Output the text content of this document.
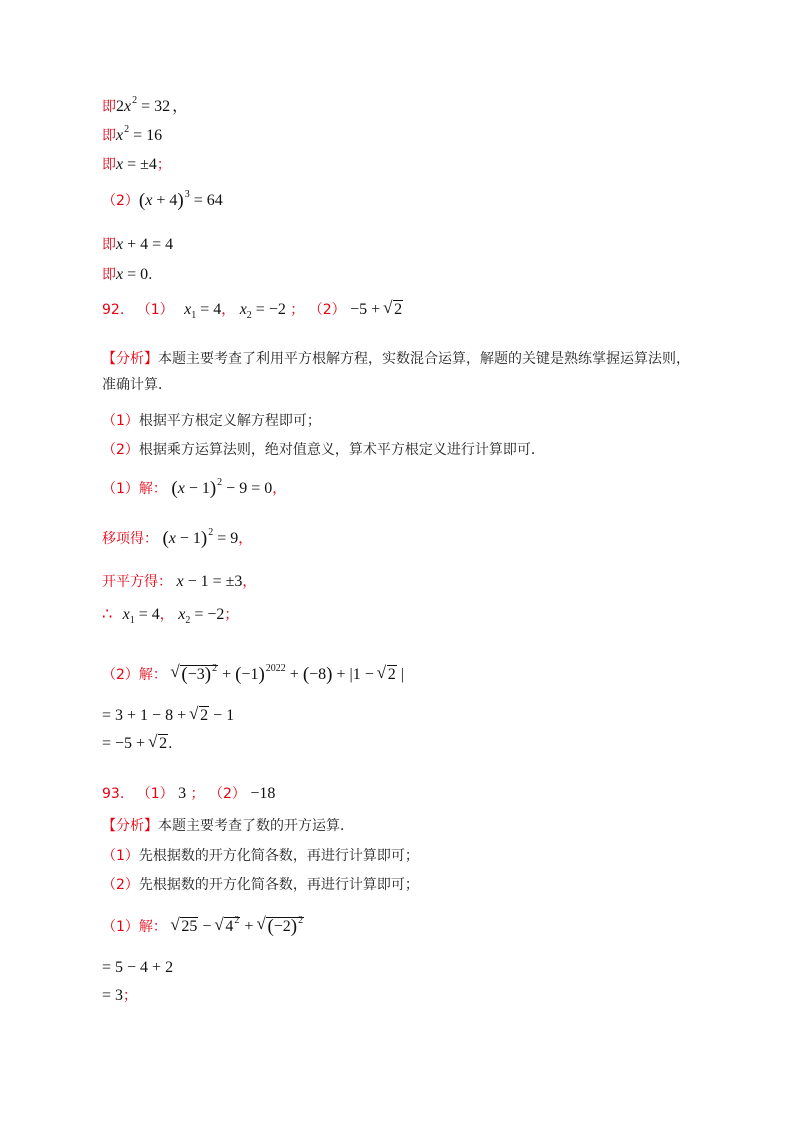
即$2x^2 = 32$ ，
即$x^2 = 16$
即x = ±4；
$(2)(x + 4)^3 = 64$
即x + 4 = 4
即x = 0．
92. （1） $x_1 = 4$， $x_2 = -2$ ； （2） −5 + √ 2
【分析】本题主要考查了利用平方根解方程，实数混合运算，解题的关键是熟练掌握运算法则，准确计算．
（1）根据平方根定义解方程即可；
（2）根据乘方运算法则，绝对值意义，算术平方根定义进行计算即可．
（1）解： $(x - 1)^2 - 9 = 0$，
移项得： $(x - 1)^2 = 9$，
开平方得： x − 1 = ±3，
∴ $x_1 = 4$， $x_2 = -2$；
（2）解： √ $(-3)^2 + (-1)^{2022} + (-8) + |1$ − √ 2 |
= 3 + 1 − 8 + √ 2 − 1
= −5 + √ 2．
93. （1） 3 ； （2） −18
【分析】本题主要考查了数的开方运算．
（1）先根据数的开方化简各数，再进行计算即可；
（2）先根据数的开方化简各数，再进行计算即可；
（1）解： √ 25 − √ $4^2$ + √ $(-2)^2$
= 5 − 4 + 2
= 3；
